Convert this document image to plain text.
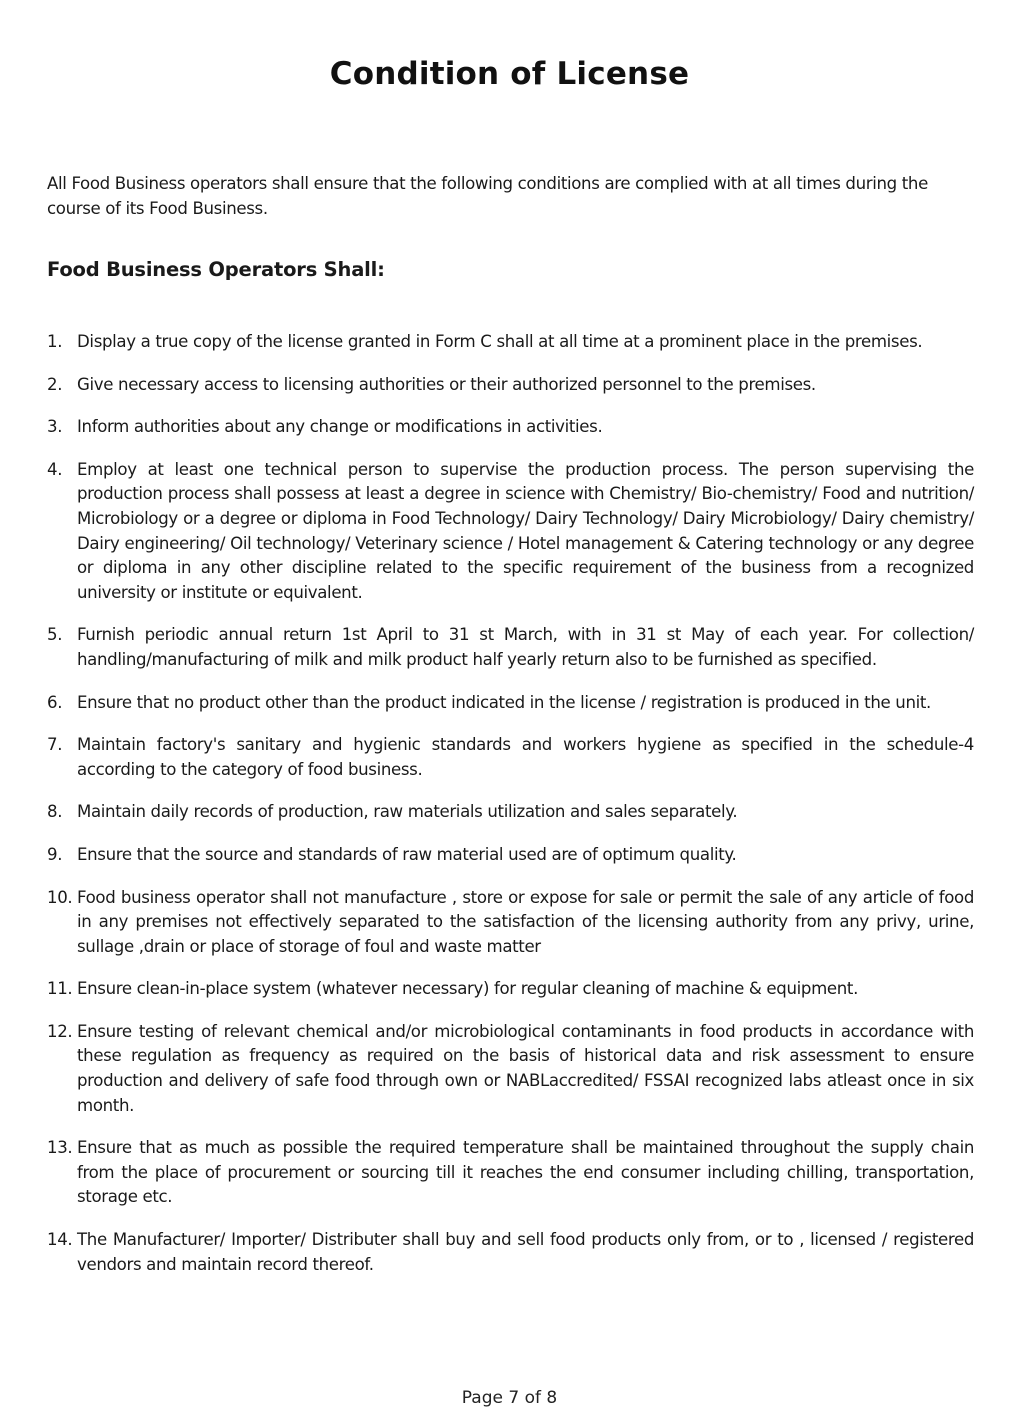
Condition of License

All Food Business operators shall ensure that the following conditions are complied with at all times during the course of its Food Business.

Food Business Operators Shall:
1. Display a true copy of the license granted in Form C shall at all time at a prominent place in the premises.
2. Give necessary access to licensing authorities or their authorized personnel to the premises.
3. Inform authorities about any change or modifications in activities.
4. Employ at least one technical person to supervise the production process. The person supervising the production process shall possess at least a degree in science with Chemistry/ Bio-chemistry/ Food and nutrition/ Microbiology or a degree or diploma in Food Technology/ Dairy Technology/ Dairy Microbiology/ Dairy chemistry/ Dairy engineering/ Oil technology/ Veterinary science / Hotel management & Catering technology or any degree or diploma in any other discipline related to the specific requirement of the business from a recognized university or institute or equivalent.
5. Furnish periodic annual return 1st April to 31 st March, with in 31 st May of each year. For collection/ handling/manufacturing of milk and milk product half yearly return also to be furnished as specified.
6. Ensure that no product other than the product indicated in the license / registration is produced in the unit.
7. Maintain factory's sanitary and hygienic standards and workers hygiene as specified in the schedule-4 according to the category of food business.
8. Maintain daily records of production, raw materials utilization and sales separately.
9. Ensure that the source and standards of raw material used are of optimum quality.
10. Food business operator shall not manufacture , store or expose for sale or permit the sale of any article of food in any premises not effectively separated to the satisfaction of the licensing authority from any privy, urine, sullage ,drain or place of storage of foul and waste matter
11. Ensure clean-in-place system (whatever necessary) for regular cleaning of machine & equipment.
12. Ensure testing of relevant chemical and/or microbiological contaminants in food products in accordance with these regulation as frequency as required on the basis of historical data and risk assessment to ensure production and delivery of safe food through own or NABLaccredited/ FSSAI recognized labs atleast once in six month.
13. Ensure that as much as possible the required temperature shall be maintained throughout the supply chain from the place of procurement or sourcing till it reaches the end consumer including chilling, transportation, storage etc.
14. The Manufacturer/ Importer/ Distributer shall buy and sell food products only from, or to , licensed / registered vendors and maintain record thereof.
Page 7 of 8
